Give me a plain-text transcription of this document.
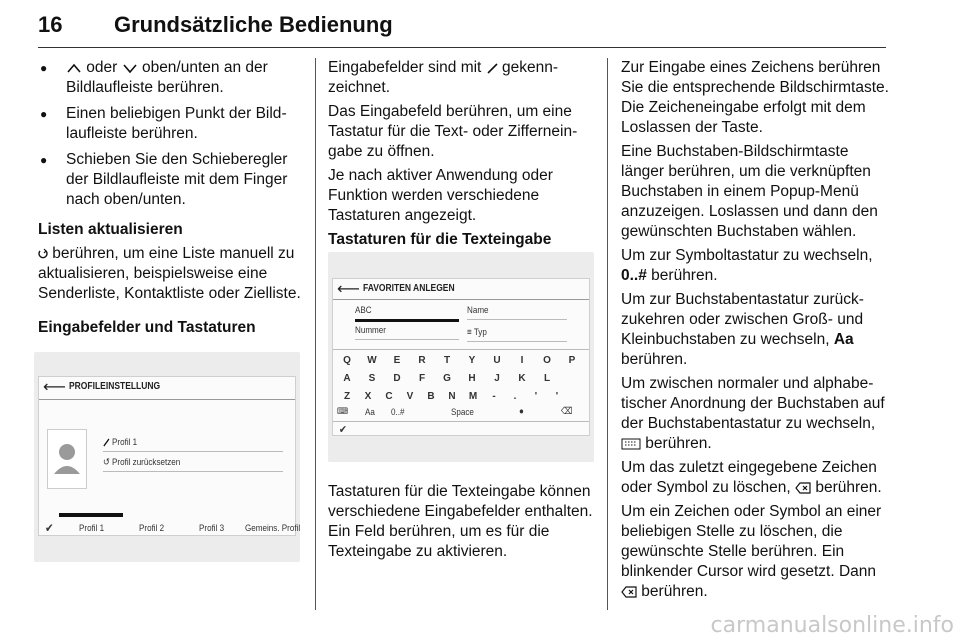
16 Grundsätzliche Bedienung
● oder  oben/unten an der Bildlaufleiste berühren.
● Einen beliebigen Punkt der Bildlaufleiste berühren.
● Schieben Sie den Schieberegler der Bildlaufleiste mit dem Finger nach oben/unten.

Listen aktualisieren

berühren, um eine Liste manuell zu aktualisieren, beispielsweise eine Senderliste, Kontaktliste oder Zielliste.

Eingabefelder und Tastaturen

⟵ PROFILEINSTELLUNG
Profil 1
↺ Profil zurücksetzen
✔	Profil 1	Profil 2	Profil 3 Gemeins. Profil

Eingabefelder sind mit  gekennzeichnet.

Das Eingabefeld berühren, um eine Tastatur für die Text- oder Zifferneingabe zu öffnen.

Je nach aktiver Anwendung oder Funktion werden verschiedene Tastaturen angezeigt.

Tastaturen für die Texteingabe

⟵ FAVORITEN ANLEGEN
ABC	Name
Nummer	≡ Typ
Q	W	E	R	T	Y	U	I	O	P
A	S	D	F	G	H	J	K	L
Z	X	C	V	B	N	M	-	.	'	'
⌨ Aa 0..#	Space	●	⌫
✔

Tastaturen für die Texteingabe können verschiedene Eingabefelder enthalten. Ein Feld berühren, um es für die Texteingabe zu aktivieren.

Zur Eingabe eines Zeichens berühren Sie die entsprechende Bildschirmtaste. Die Zeicheneingabe erfolgt mit dem Loslassen der Taste.

Eine Buchstaben-Bildschirmtaste länger berühren, um die verknüpften Buchstaben in einem Popup-Menü anzuzeigen. Loslassen und dann den gewünschten Buchstaben wählen.

Um zur Symboltastatur zu wechseln, 0..# berühren.

Um zur Buchstabentastatur zurückzukehren oder zwischen Groß- und Kleinbuchstaben zu wechseln, Aa berühren.

Um zwischen normaler und alphabetischer Anordnung der Buchstaben auf der Buchstabentastatur zu wechseln,  berühren.

Um das zuletzt eingegebene Zeichen oder Symbol zu löschen,  berühren.

Um ein Zeichen oder Symbol an einer beliebigen Stelle zu löschen, die gewünschte Stelle berühren. Ein blinkender Cursor wird gesetzt. Dann  berühren.

carmanualsonline.info
